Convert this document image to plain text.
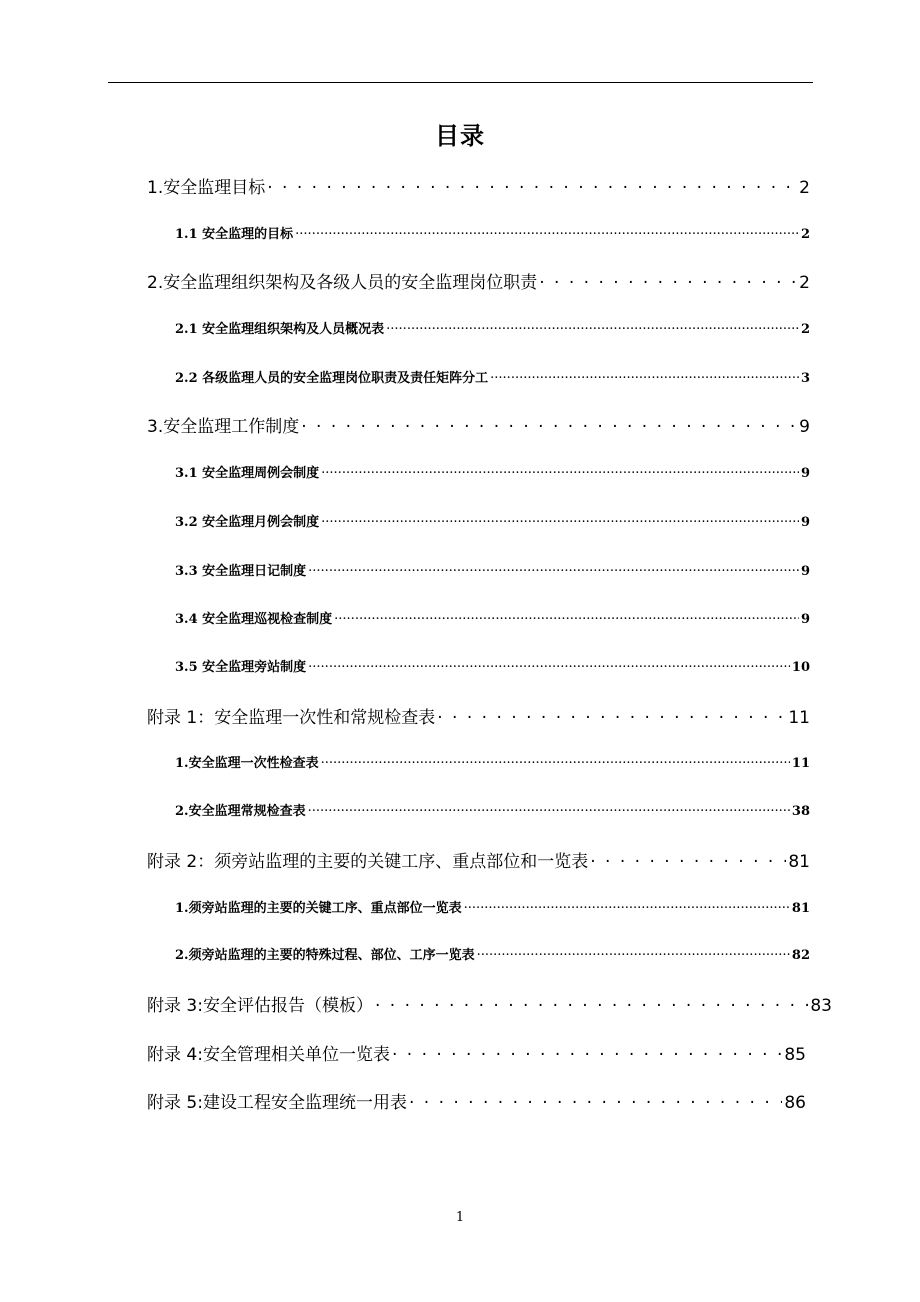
目录
1.安全监理目标 . . .	2
1.1 安全监理的目标 .....	2
2.安全监理组织架构及各级人员的安全监理岗位职责 . . .	2
2.1 安全监理组织架构及人员概况表 .....	2
2.2 各级监理人员的安全监理岗位职责及责任矩阵分工 .....	3
3.安全监理工作制度 . . .	9
3.1 安全监理周例会制度 .....	9
3.2 安全监理月例会制度 .....	9
3.3 安全监理日记制度 .....	9
3.4 安全监理巡视检查制度 .....	9
3.5 安全监理旁站制度 .....	10
附录 1：安全监理一次性和常规检查表 . . .	11
1.安全监理一次性检查表 .....	11
2.安全监理常规检查表 .....	38
附录 2：须旁站监理的主要的关键工序、重点部位和一览表 . . .	81
1.须旁站监理的主要的关键工序、重点部位一览表 .....	81
2.须旁站监理的主要的特殊过程、部位、工序一览表 .....	82
附录 3:安全评估报告（模板） . . .	83
附录 4:安全管理相关单位一览表 . . .	85
附录 5:建设工程安全监理统一用表 . . .	86
1
